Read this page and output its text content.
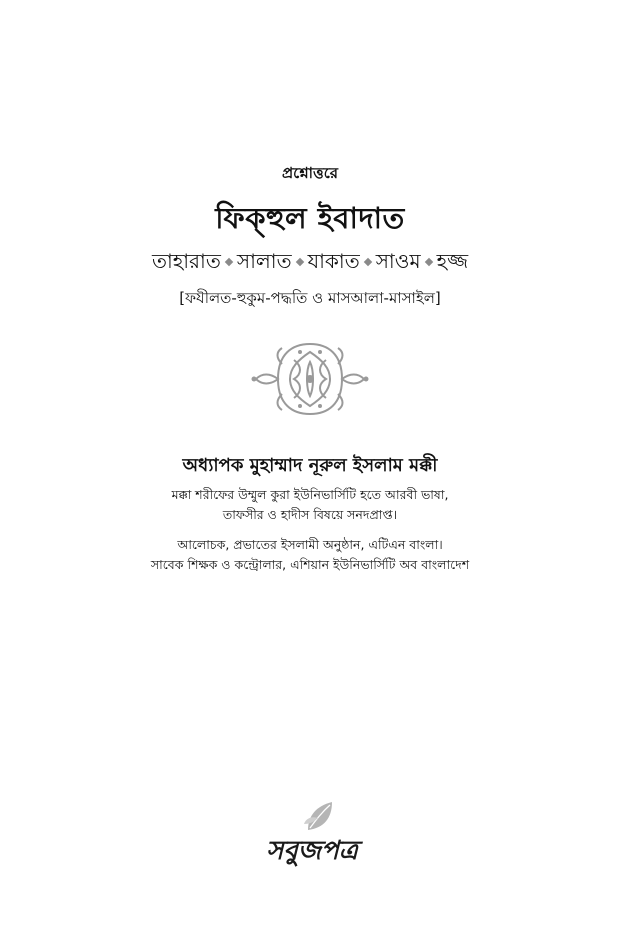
প্রশ্নোত্তরে
ফিক্হুল ইবাদাত
তাহারাত সালাত যাকাত সাওম হজ্জ
[ফযীলত-হুকুম-পদ্ধতি ও মাসআলা-মাসাইল]
অধ্যাপক মুহাম্মাদ নূরুল ইসলাম মক্কী
মক্কা শরীফের উম্মুল কুরা ইউনিভার্সিটি হতে আরবী ভাষা,
তাফসীর ও হাদীস বিষয়ে সনদপ্রাপ্ত।
আলোচক, প্রভাতের ইসলামী অনুষ্ঠান, এটিএন বাংলা।
সাবেক শিক্ষক ও কন্ট্রোলার, এশিয়ান ইউনিভার্সিটি অব বাংলাদেশ
সবুজপত্র
